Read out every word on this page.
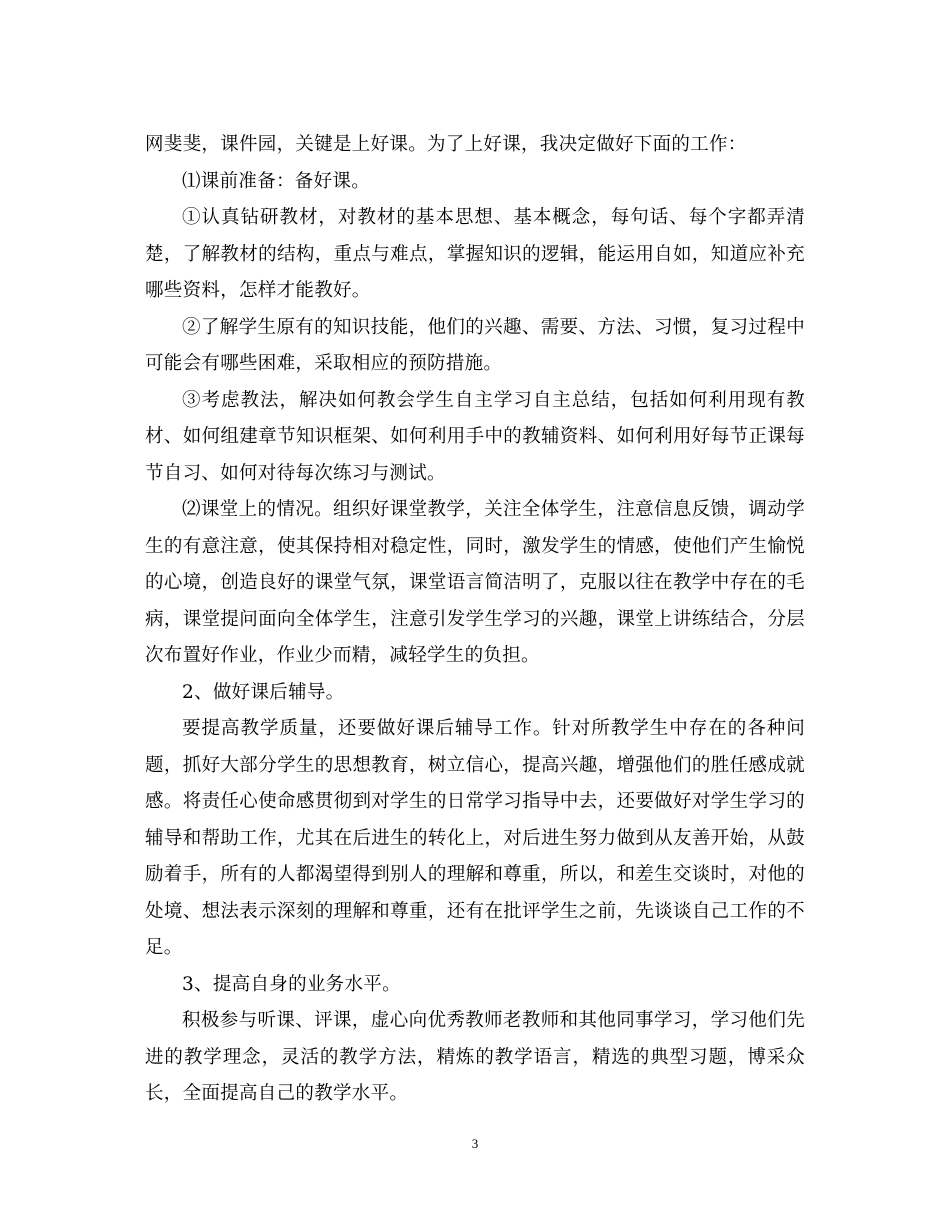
网斐斐，课件园，关键是上好课。为了上好课，我决定做好下面的工作：

⑴课前准备：备好课。

①认真钻研教材，对教材的基本思想、基本概念，每句话、每个字都弄清楚，了解教材的结构，重点与难点，掌握知识的逻辑，能运用自如，知道应补充哪些资料，怎样才能教好。

②了解学生原有的知识技能，他们的兴趣、需要、方法、习惯，复习过程中可能会有哪些困难，采取相应的预防措施。

③考虑教法，解决如何教会学生自主学习自主总结，包括如何利用现有教材、如何组建章节知识框架、如何利用手中的教辅资料、如何利用好每节正课每节自习、如何对待每次练习与测试。

⑵课堂上的情况。组织好课堂教学，关注全体学生，注意信息反馈，调动学生的有意注意，使其保持相对稳定性，同时，激发学生的情感，使他们产生愉悦的心境，创造良好的课堂气氛，课堂语言简洁明了，克服以往在教学中存在的毛病，课堂提问面向全体学生，注意引发学生学习的兴趣，课堂上讲练结合，分层次布置好作业，作业少而精，减轻学生的负担。

2、做好课后辅导。

要提高教学质量，还要做好课后辅导工作。针对所教学生中存在的各种问题，抓好大部分学生的思想教育，树立信心，提高兴趣，增强他们的胜任感成就感。将责任心使命感贯彻到对学生的日常学习指导中去，还要做好对学生学习的辅导和帮助工作，尤其在后进生的转化上，对后进生努力做到从友善开始，从鼓励着手，所有的人都渴望得到别人的理解和尊重，所以，和差生交谈时，对他的处境、想法表示深刻的理解和尊重，还有在批评学生之前，先谈谈自己工作的不足。

3、提高自身的业务水平。

积极参与听课、评课，虚心向优秀教师老教师和其他同事学习，学习他们先进的教学理念，灵活的教学方法，精炼的教学语言，精选的典型习题，博采众长，全面提高自己的教学水平。

3
